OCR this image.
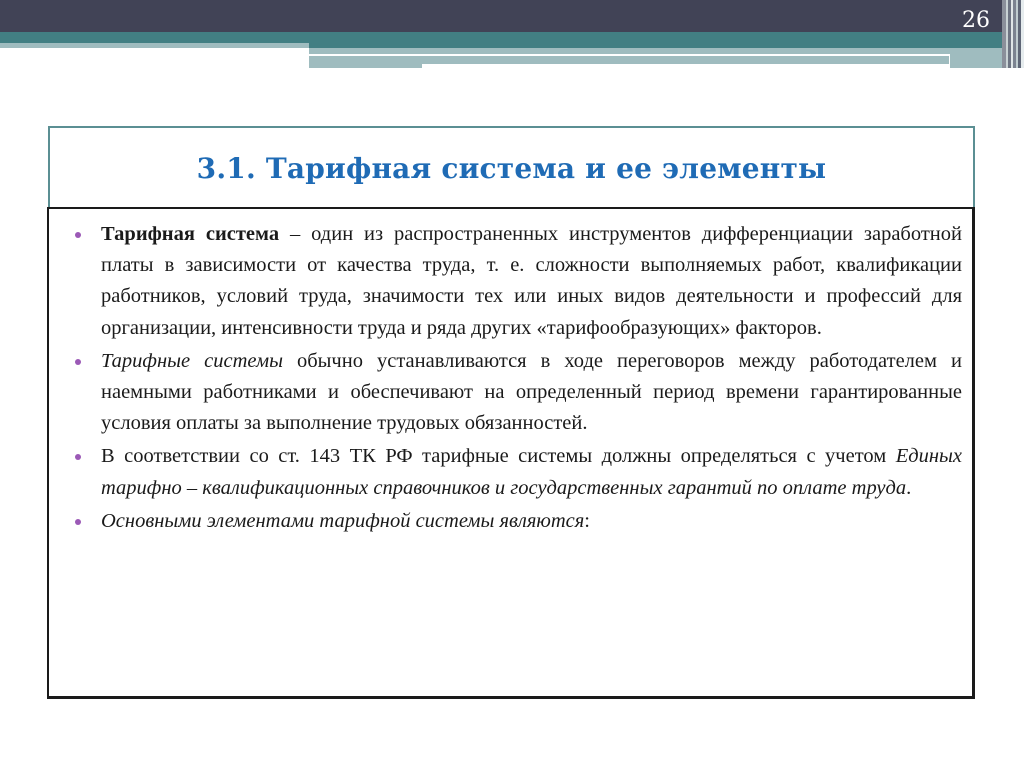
26
3.1. Тарифная система и ее элементы
Тарифная система – один из распространенных инструментов дифференциации заработной платы в зависимости от качества труда, т. е. сложности выполняемых работ, квалификации работников, условий труда, значимости тех или иных видов деятельности и профессий для организации, интенсивности труда и ряда других «тарифообразующих» факторов.
Тарифные системы обычно устанавливаются в ходе переговоров между работодателем и наемными работниками и обеспечивают на определенный период времени гарантированные условия оплаты за выполнение трудовых обязанностей.
В соответствии со ст. 143 ТК РФ тарифные системы должны определяться с учетом Единых тарифно – квалификационных справочников и государственных гарантий по оплате труда.
Основными элементами тарифной системы являются:
